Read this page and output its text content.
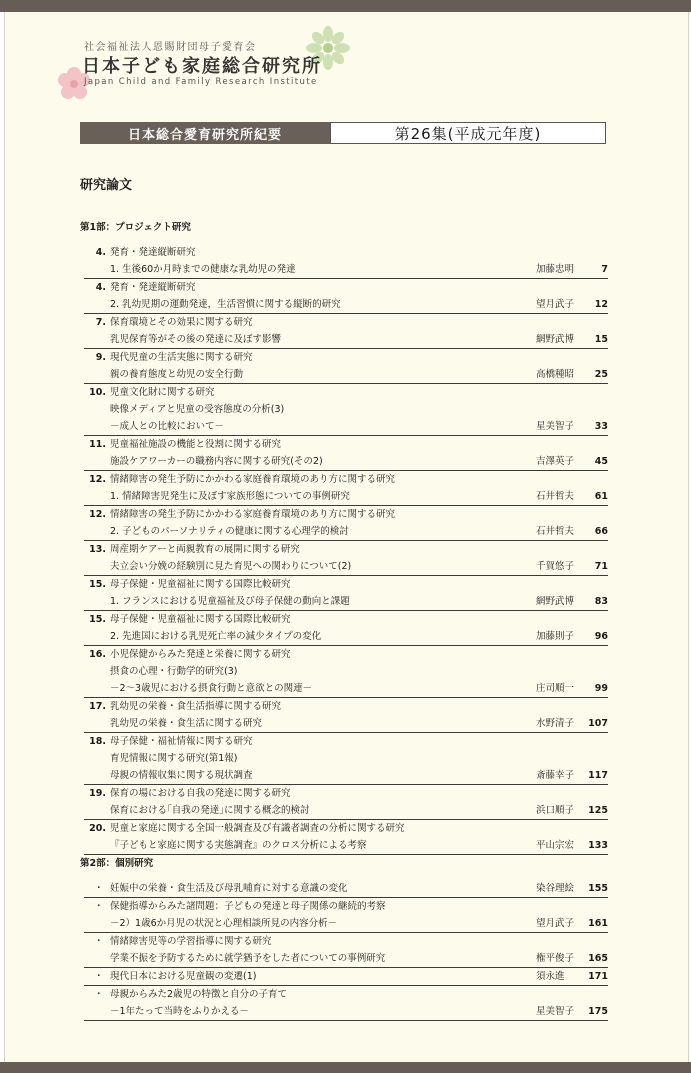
社会福祉法人恩賜財団母子愛育会
日本子ども家庭総合研究所
Japan Child and Family Research Institute
日本総合愛育研究所紀要	第26集(平成元年度)
研究論文
第1部：プロジェクト研究
4. 発育・発達縦断研究
1. 生後60か月時までの健康な乳幼児の発達	加藤忠明	7
4. 発育・発達縦断研究
2. 乳幼児期の運動発達，生活習慣に関する縦断的研究	望月武子	12
7. 保育環境とその効果に関する研究
乳児保育等がその後の発達に及ぼす影響	網野武博	15
9. 現代児童の生活実態に関する研究
親の養育態度と幼児の安全行動	高橋種昭	25
10. 児童文化財に関する研究
映像メディアと児童の受容態度の分析(3)
－成人との比較において－	星美智子	33
11. 児童福祉施設の機能と役割に関する研究
施設ケアワーカーの職務内容に関する研究(その2)	吉澤英子	45
12. 情緒障害の発生予防にかかわる家庭養育環境のあり方に関する研究
1. 情緒障害児発生に及ぼす家族形態についての事例研究	石井哲夫	61
12. 情緒障害の発生予防にかかわる家庭養育環境のあり方に関する研究
2. 子どものパーソナリティの健康に関する心理学的検討	石井哲夫	66
13. 周産期ケアーと両親教育の展開に関する研究
夫立会い分娩の経験別に見た育児への関わりについて(2)	千賀悠子	71
15. 母子保健・児童福祉に関する国際比較研究
1. フランスにおける児童福祉及び母子保健の動向と課題	網野武博	83
15. 母子保健・児童福祉に関する国際比較研究
2. 先進国における乳児死亡率の減少タイプの変化	加藤則子	96
16. 小児保健からみた発達と栄養に関する研究
摂食の心理・行動学的研究(3)
－2～3歳児における摂食行動と意欲との関連－	庄司順一	99
17. 乳幼児の栄養・食生活指導に関する研究
乳幼児の栄養・食生活に関する研究	水野清子	107
18. 母子保健・福祉情報に関する研究
育児情報に関する研究(第1報)
母親の情報収集に関する現状調査	斎藤幸子	117
19. 保育の場における自我の発達に関する研究
保育における｢自我の発達｣に関する概念的検討	浜口順子	125
20. 児童と家庭に関する全国一般調査及び有識者調査の分析に関する研究
『子どもと家庭に関する実態調査』のクロス分析による考察	平山宗宏	133
第2部：個別研究
・ 妊娠中の栄養・食生活及び母乳哺育に対する意識の変化	染谷理絵	155
・ 保健指導からみた諸問題：子どもの発達と母子関係の継続的考察
－2）1歳6か月児の状況と心理相談所見の内容分析－	望月武子	161
・ 情緒障害児等の学習指導に関する研究
学業不振を予防するために就学猶予をした者についての事例研究	権平俊子	165
・ 現代日本における児童観の変遷(1)	須永進	171
・ 母親からみた2歳児の特徴と自分の子育て
－1年たって当時をふりかえる－	星美智子	175
